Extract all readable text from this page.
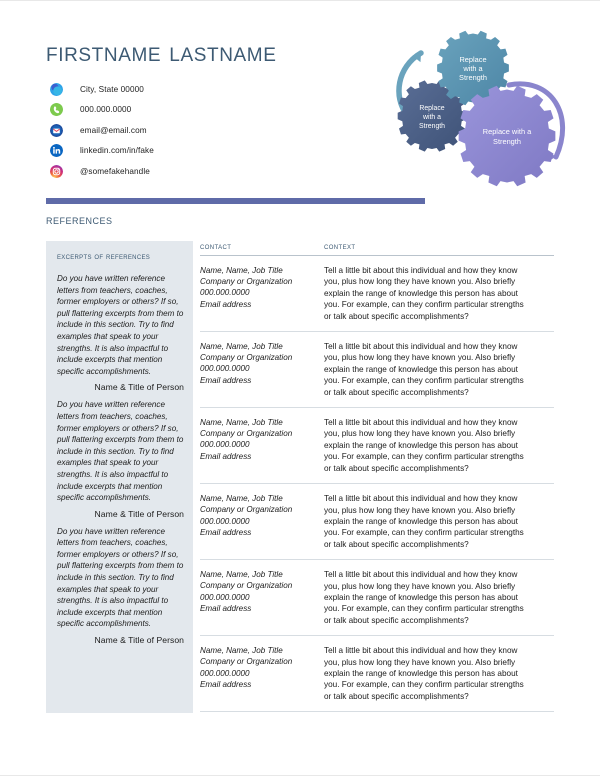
firstname lastname
City, State 00000
000.000.0000
email@email.com
linkedin.com/in/fake
@somefakehandle
Replace
with a
Strength
Replace
with a
Strength
Replace with a
Strength
references
excerpts of references

Do you have written reference letters from teachers, coaches, former employers or others? If so, pull flattering excerpts from them to include in this section. Try to find examples that speak to your strengths. It is also impactful to include excerpts that mention specific accomplishments.

Name & Title of Person

Do you have written reference letters from teachers, coaches, former employers or others? If so, pull flattering excerpts from them to include in this section. Try to find examples that speak to your strengths. It is also impactful to include excerpts that mention specific accomplishments.

Name & Title of Person

Do you have written reference letters from teachers, coaches, former employers or others? If so, pull flattering excerpts from them to include in this section. Try to find examples that speak to your strengths. It is also impactful to include excerpts that mention specific accomplishments.

Name & Title of Person
contact	context
Name, Name, Job Title
Company or Organization
000.000.0000
Email address
Tell a little bit about this individual and how they know
you, plus how long they have known you. Also briefly
explain the range of knowledge this person has about
you. For example, can they confirm particular strengths
or talk about specific accomplishments?
Name, Name, Job Title
Company or Organization
000.000.0000
Email address
Tell a little bit about this individual and how they know
you, plus how long they have known you. Also briefly
explain the range of knowledge this person has about
you. For example, can they confirm particular strengths
or talk about specific accomplishments?
Name, Name, Job Title
Company or Organization
000.000.0000
Email address
Tell a little bit about this individual and how they know
you, plus how long they have known you. Also briefly
explain the range of knowledge this person has about
you. For example, can they confirm particular strengths
or talk about specific accomplishments?
Name, Name, Job Title
Company or Organization
000.000.0000
Email address
Tell a little bit about this individual and how they know
you, plus how long they have known you. Also briefly
explain the range of knowledge this person has about
you. For example, can they confirm particular strengths
or talk about specific accomplishments?
Name, Name, Job Title
Company or Organization
000.000.0000
Email address
Tell a little bit about this individual and how they know
you, plus how long they have known you. Also briefly
explain the range of knowledge this person has about
you. For example, can they confirm particular strengths
or talk about specific accomplishments?
Name, Name, Job Title
Company or Organization
000.000.0000
Email address
Tell a little bit about this individual and how they know
you, plus how long they have known you. Also briefly
explain the range of knowledge this person has about
you. For example, can they confirm particular strengths
or talk about specific accomplishments?
